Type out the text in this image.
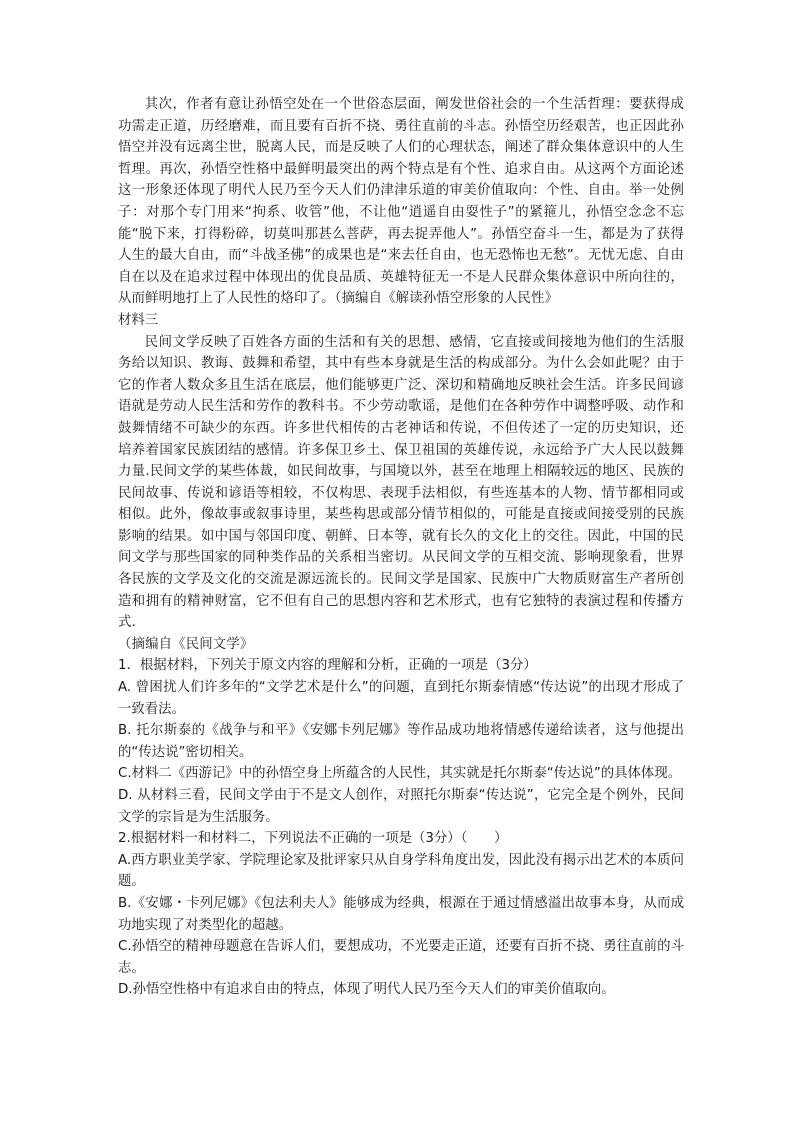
其次，作者有意让孙悟空处在一个世俗态层面，阐发世俗社会的一个生活哲理：要获得成功需走正道，历经磨难，而且要有百折不挠、勇往直前的斗志。孙悟空历经艰苦，也正因此孙悟空并没有远离尘世，脱离人民，而是反映了人们的心理状态，阐述了群众集体意识中的人生哲理。再次，孙悟空性格中最鲜明最突出的两个特点是有个性、追求自由。从这两个方面论述这一形象还体现了明代人民乃至今天人们仍津津乐道的审美价值取向：个性、自由。举一处例子：对那个专门用来“拘系、收管”他，不让他“逍遥自由耍性子”的紧箍儿，孙悟空念念不忘能“脱下来，打得粉碎，切莫叫那甚么菩萨，再去捉弄他人”。孙悟空奋斗一生，都是为了获得人生的最大自由，而“斗战圣佛”的成果也是“来去任自由，也无恐怖也无愁”。无忧无虑、自由自在以及在追求过程中体现出的优良品质、英雄特征无一不是人民群众集体意识中所向往的，从而鲜明地打上了人民性的烙印了。（摘编自《解读孙悟空形象的人民性》

材料三

民间文学反映了百姓各方面的生活和有关的思想、感情，它直接或间接地为他们的生活服务给以知识、教诲、鼓舞和希望，其中有些本身就是生活的构成部分。为什么会如此呢？由于它的作者人数众多且生活在底层，他们能够更广泛、深切和精确地反映社会生活。许多民间谚语就是劳动人民生活和劳作的教科书。不少劳动歌谣，是他们在各种劳作中调整呼吸、动作和鼓舞情绪不可缺少的东西。许多世代相传的古老神话和传说，不但传述了一定的历史知识，还培养着国家民族团结的感情。许多保卫乡土、保卫祖国的英雄传说，永远给予广大人民以鼓舞力量.民间文学的某些体裁，如民间故事，与国境以外，甚至在地理上相隔较远的地区、民族的民间故事、传说和谚语等相较，不仅构思、表现手法相似，有些连基本的人物、情节都相同或相似。此外，像故事或叙事诗里，某些构思或部分情节相似的，可能是直接或间接受别的民族影响的结果。如中国与邻国印度、朝鲜、日本等，就有长久的文化上的交往。因此，中国的民间文学与那些国家的同种类作品的关系相当密切。从民间文学的互相交流、影响现象看，世界各民族的文学及文化的交流是源远流长的。民间文学是国家、民族中广大物质财富生产者所创造和拥有的精神财富，它不但有自己的思想内容和艺术形式，也有它独特的表演过程和传播方式.

（摘编自《民间文学》

1．根据材料，下列关于原文内容的理解和分析，正确的一项是（3分）

A. 曾困扰人们许多年的“文学艺术是什么”的问题，直到托尔斯泰情感“传达说”的出现才形成了一致看法。

B. 托尔斯泰的《战争与和平》《安娜卡列尼娜》等作品成功地将情感传递给读者，这与他提出的“传达说”密切相关。

C.材料二《西游记》中的孙悟空身上所蕴含的人民性，其实就是托尔斯泰“传达说”的具体体现。

D. 从材料三看，民间文学由于不是文人创作，对照托尔斯泰“传达说”，它完全是个例外，民间文学的宗旨是为生活服务。

2.根据材料一和材料二，下列说法不正确的一项是（3分）（　　）

A.西方职业美学家、学院理论家及批评家只从自身学科角度出发，因此没有揭示出艺术的本质问题。

B.《安娜・卡列尼娜》《包法利夫人》能够成为经典，根源在于通过情感溢出故事本身，从而成功地实现了对类型化的超越。

C.孙悟空的精神母题意在告诉人们，要想成功，不光要走正道，还要有百折不挠、勇往直前的斗志。

D.孙悟空性格中有追求自由的特点，体现了明代人民乃至今天人们的审美价值取向。
